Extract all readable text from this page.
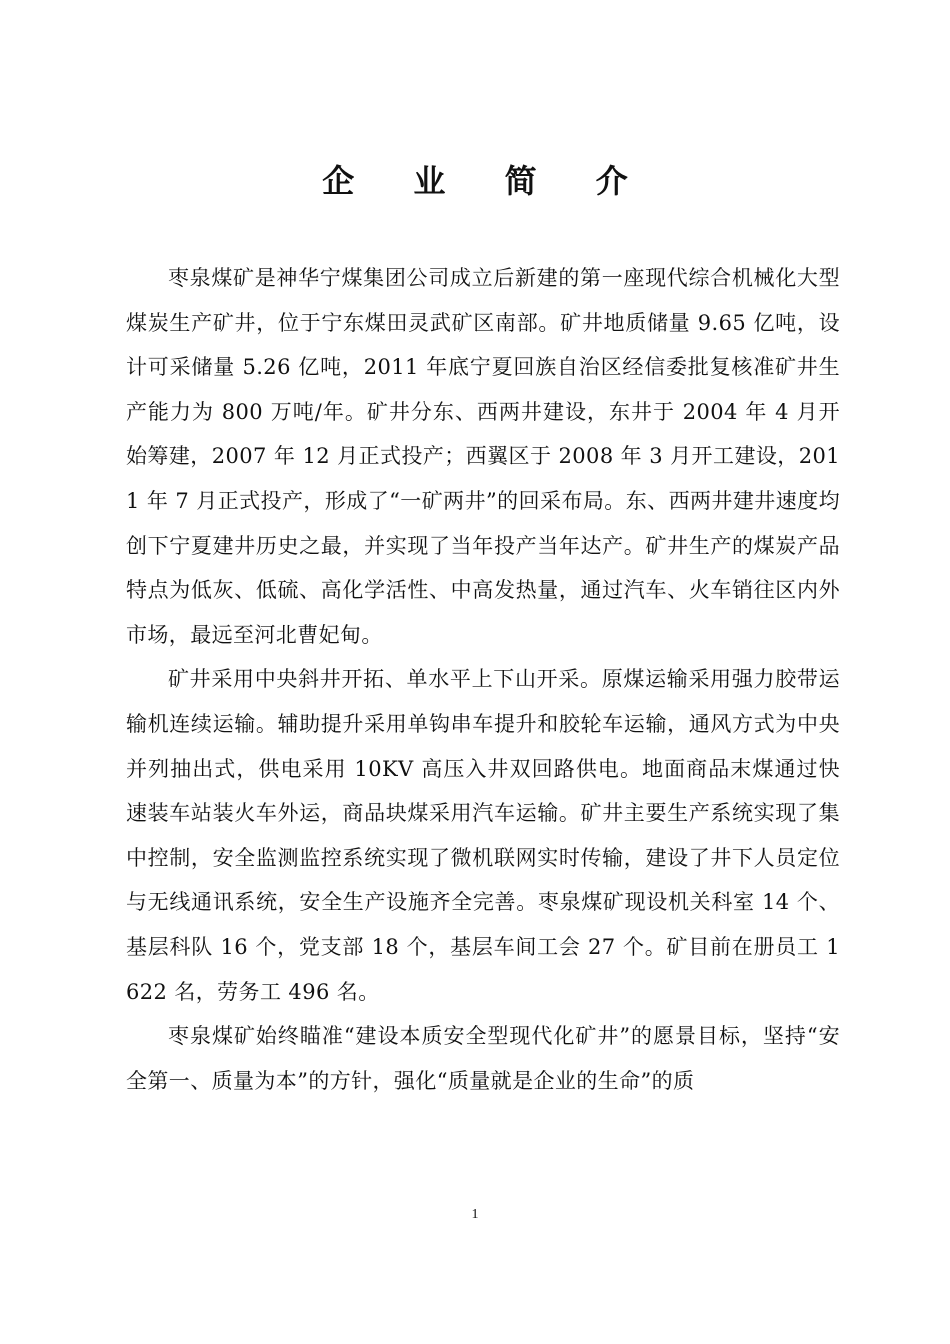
企 业 简 介

枣泉煤矿是神华宁煤集团公司成立后新建的第一座现代综合机械化大型煤炭生产矿井，位于宁东煤田灵武矿区南部。矿井地质储量 9.65 亿吨，设计可采储量 5.26 亿吨，2011 年底宁夏回族自治区经信委批复核准矿井生产能力为 800 万吨/年。矿井分东、西两井建设，东井于 2004 年 4 月开始筹建，2007 年 12 月正式投产；西翼区于 2008 年 3 月开工建设，2011 年 7 月正式投产，形成了“一矿两井”的回采布局。东、西两井建井速度均创下宁夏建井历史之最，并实现了当年投产当年达产。矿井生产的煤炭产品特点为低灰、低硫、高化学活性、中高发热量，通过汽车、火车销往区内外市场，最远至河北曹妃甸。

矿井采用中央斜井开拓、单水平上下山开采。原煤运输采用强力胶带运输机连续运输。辅助提升采用单钩串车提升和胶轮车运输，通风方式为中央并列抽出式，供电采用 10KV 高压入井双回路供电。地面商品末煤通过快速装车站装火车外运，商品块煤采用汽车运输。矿井主要生产系统实现了集中控制，安全监测监控系统实现了微机联网实时传输，建设了井下人员定位与无线通讯系统，安全生产设施齐全完善。枣泉煤矿现设机关科室 14 个、基层科队 16 个，党支部 18 个，基层车间工会 27 个。矿目前在册员工 1622 名，劳务工 496 名。

枣泉煤矿始终瞄准“建设本质安全型现代化矿井”的愿景目标，坚持“安全第一、质量为本”的方针，强化“质量就是企业的生命”的质

1
